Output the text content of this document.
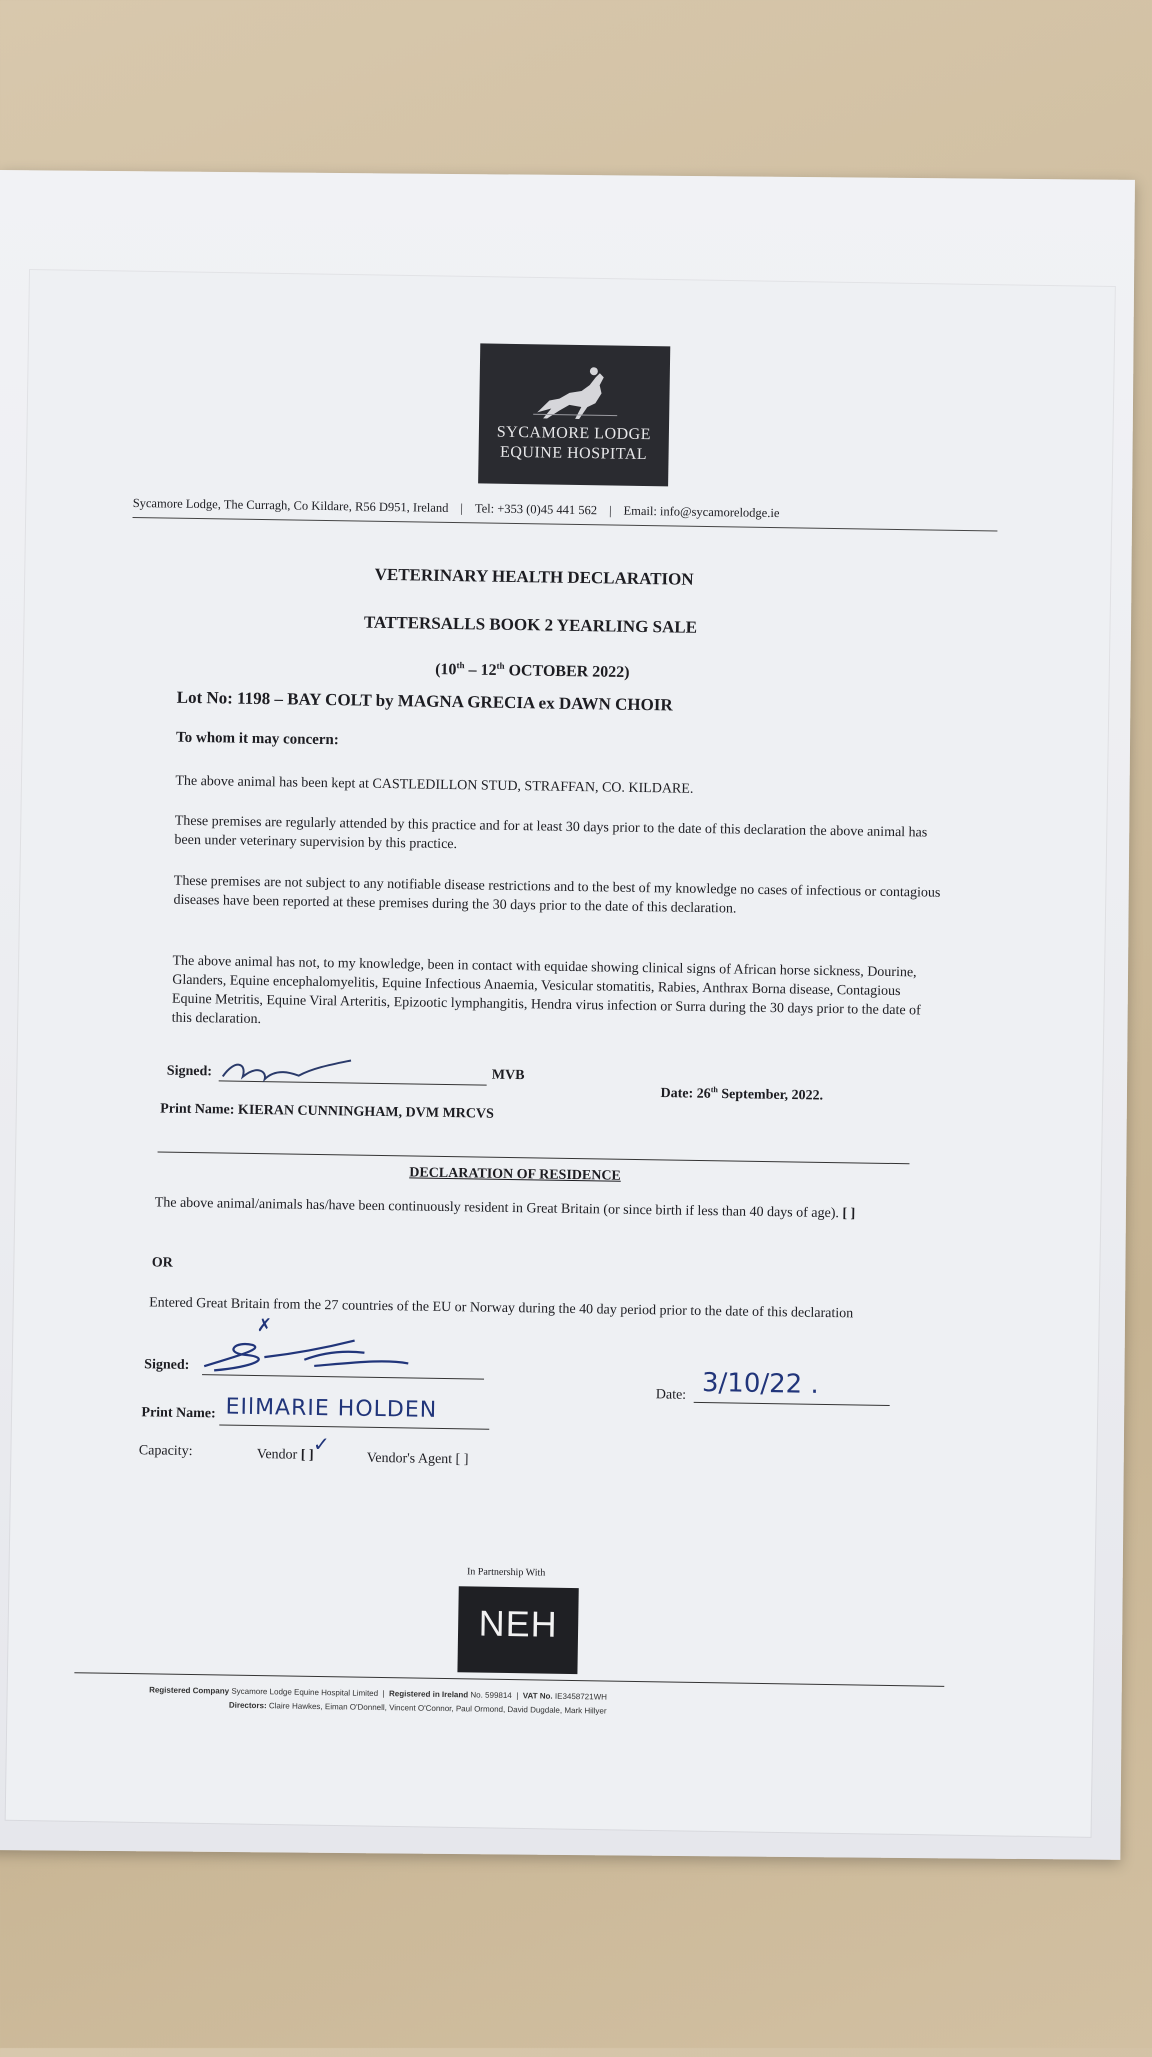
SYCAMORE LODGE
EQUINE HOSPITAL
Sycamore Lodge, The Curragh, Co Kildare, R56 D951, Ireland | Tel: +353 (0)45 441 562 | Email: info@sycamorelodge.ie
VETERINARY HEALTH DECLARATION
TATTERSALLS BOOK 2 YEARLING SALE
(10th – 12th OCTOBER 2022)
Lot No: 1198 – BAY COLT by MAGNA GRECIA ex DAWN CHOIR
To whom it may concern:
The above animal has been kept at CASTLEDILLON STUD, STRAFFAN, CO. KILDARE.
These premises are regularly attended by this practice and for at least 30 days prior to the date of this declaration the above animal has been under veterinary supervision by this practice.
These premises are not subject to any notifiable disease restrictions and to the best of my knowledge no cases of infectious or contagious diseases have been reported at these premises during the 30 days prior to the date of this declaration.
The above animal has not, to my knowledge, been in contact with equidae showing clinical signs of African horse sickness, Dourine, Glanders, Equine encephalomyelitis, Equine Infectious Anaemia, Vesicular stomatitis, Rabies, Anthrax Borna disease, Contagious Equine Metritis, Equine Viral Arteritis, Epizootic lymphangitis, Hendra virus infection or Surra during the 30 days prior to the date of this declaration.
Signed:	MVB
Date: 26th September, 2022.
Print Name: KIERAN CUNNINGHAM, DVM MRCVS
DECLARATION OF RESIDENCE
The above animal/animals has/have been continuously resident in Great Britain (or since birth if less than 40 days of age). [ ]
OR
Entered Great Britain from the 27 countries of the EU or Norway during the 40 day period prior to the date of this declaration
✗
Signed:
Date: 3/10/22 .
Print Name: EIlMARIE HOLDEN
Capacity:	Vendor [ ] ✓
Vendor's Agent [ ]
In Partnership With
NEH
Registered Company Sycamore Lodge Equine Hospital Limited  |  Registered in Ireland No. 599814  |  VAT No. IE3458721WH
Directors: Claire Hawkes, Eiman O'Donnell, Vincent O'Connor, Paul Ormond, David Dugdale, Mark Hillyer
